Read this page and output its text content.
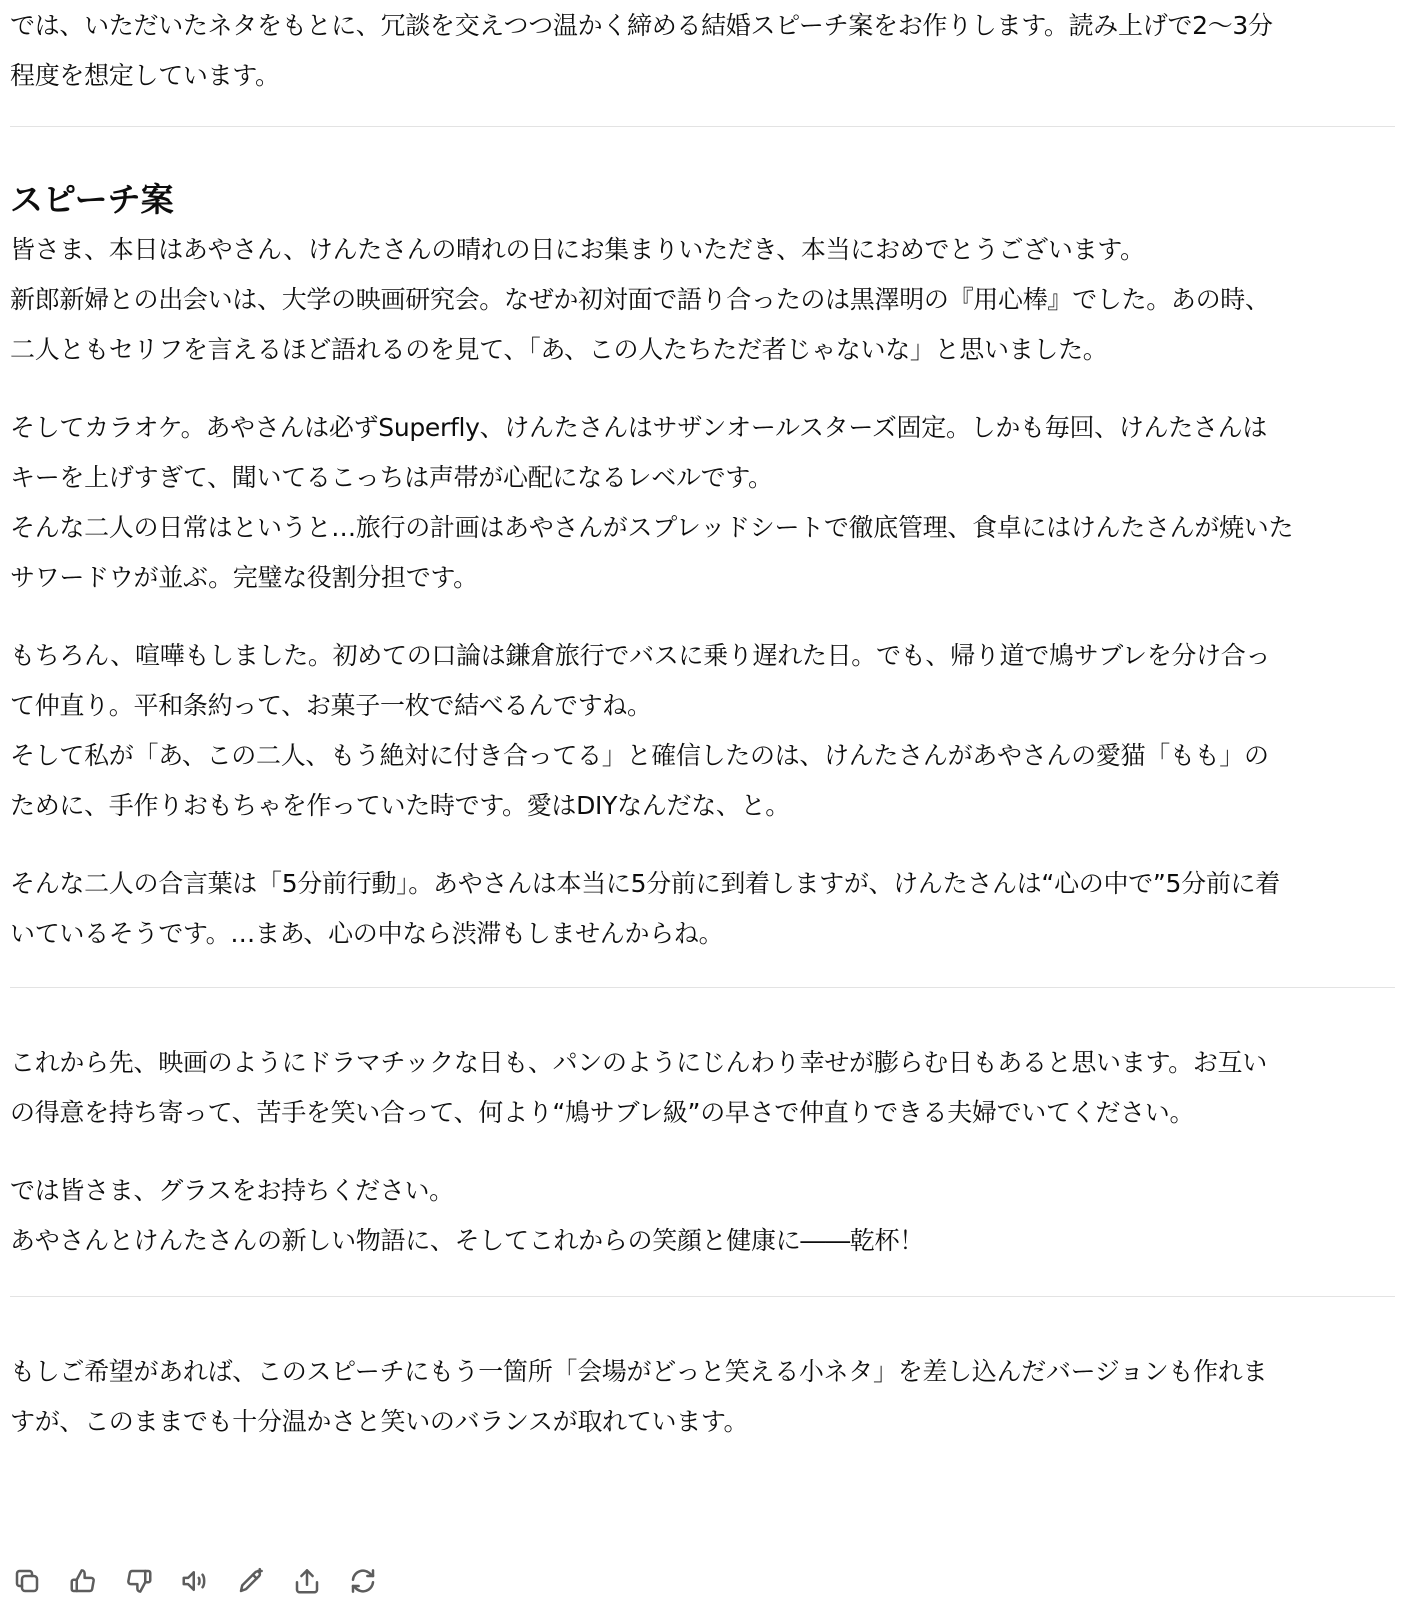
では、いただいたネタをもとに、冗談を交えつつ温かく締める結婚スピーチ案をお作りします。読み上げで2〜3分
程度を想定しています。

スピーチ案

皆さま、本日はあやさん、けんたさんの晴れの日にお集まりいただき、本当におめでとうございます。
新郎新婦との出会いは、大学の映画研究会。なぜか初対面で語り合ったのは黒澤明の『用心棒』でした。あの時、
二人ともセリフを言えるほど語れるのを見て、「あ、この人たちただ者じゃないな」と思いました。

そしてカラオケ。あやさんは必ずSuperfly、けんたさんはサザンオールスターズ固定。しかも毎回、けんたさんは
キーを上げすぎて、聞いてるこっちは声帯が心配になるレベルです。
そんな二人の日常はというと…旅行の計画はあやさんがスプレッドシートで徹底管理、食卓にはけんたさんが焼いた
サワードウが並ぶ。完璧な役割分担です。

もちろん、喧嘩もしました。初めての口論は鎌倉旅行でバスに乗り遅れた日。でも、帰り道で鳩サブレを分け合っ
て仲直り。平和条約って、お菓子一枚で結べるんですね。
そして私が「あ、この二人、もう絶対に付き合ってる」と確信したのは、けんたさんがあやさんの愛猫「もも」の
ために、手作りおもちゃを作っていた時です。愛はDIYなんだな、と。

そんな二人の合言葉は「5分前行動」。あやさんは本当に5分前に到着しますが、けんたさんは“心の中で”5分前に着
いているそうです。…まあ、心の中なら渋滞もしませんからね。

これから先、映画のようにドラマチックな日も、パンのようにじんわり幸せが膨らむ日もあると思います。お互い
の得意を持ち寄って、苦手を笑い合って、何より“鳩サブレ級”の早さで仲直りできる夫婦でいてください。

では皆さま、グラスをお持ちください。
あやさんとけんたさんの新しい物語に、そしてこれからの笑顔と健康に――乾杯！

もしご希望があれば、このスピーチにもう一箇所「会場がどっと笑える小ネタ」を差し込んだバージョンも作れま
すが、このままでも十分温かさと笑いのバランスが取れています。
